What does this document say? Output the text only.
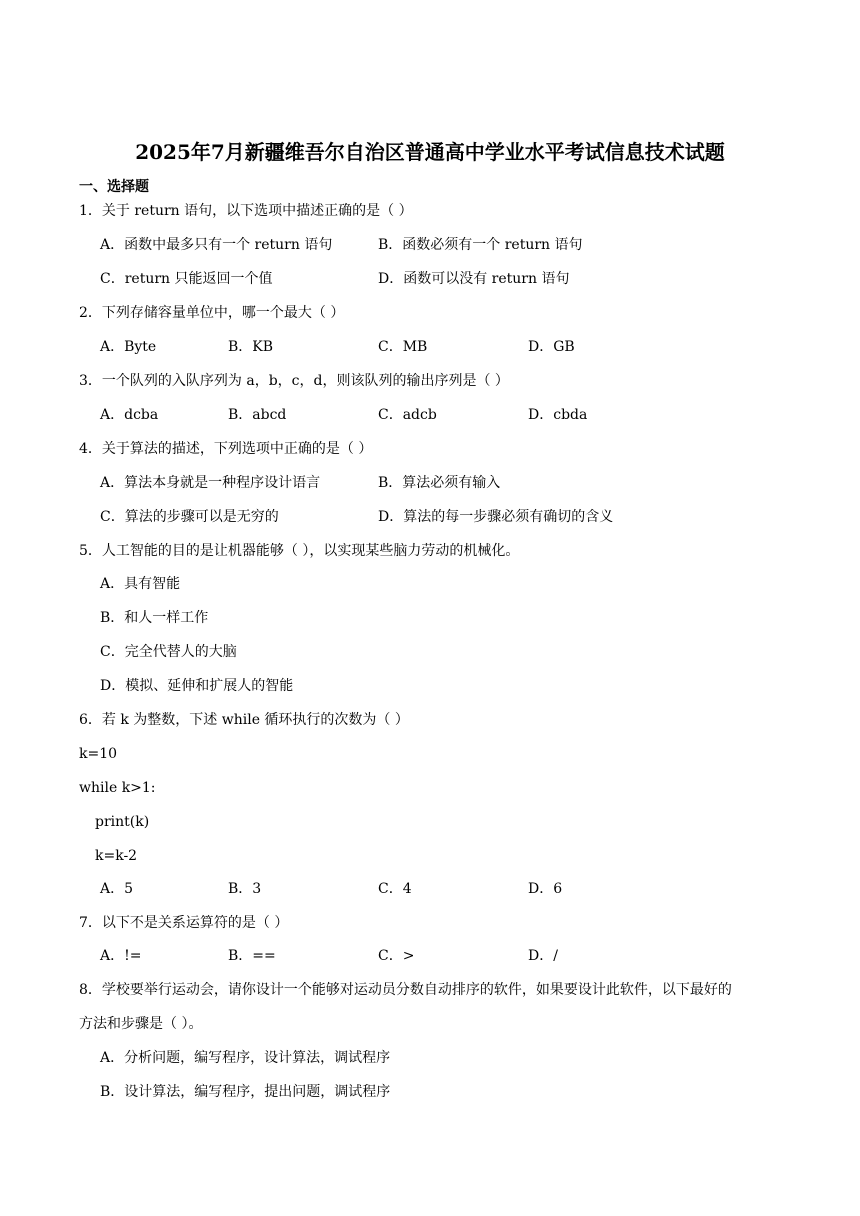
2025年7月新疆维吾尔自治区普通高中学业水平考试信息技术试题
一、选择题
1．关于 return 语句，以下选项中描述正确的是（ ）
A．函数中最多只有一个 return 语句	B．函数必须有一个 return 语句
C．return 只能返回一个值	D．函数可以没有 return 语句
2．下列存储容量单位中，哪一个最大（ ）
A．Byte	B．KB	C．MB	D．GB
3．一个队列的入队序列为 a，b，c，d，则该队列的输出序列是（ ）
A．dcba	B．abcd	C．adcb	D．cbda
4．关于算法的描述，下列选项中正确的是（ ）
A．算法本身就是一种程序设计语言	B．算法必须有输入
C．算法的步骤可以是无穷的	D．算法的每一步骤必须有确切的含义
5．人工智能的目的是让机器能够（ ），以实现某些脑力劳动的机械化。
A．具有智能
B．和人一样工作
C．完全代替人的大脑
D．模拟、延伸和扩展人的智能
6．若 k 为整数，下述 while 循环执行的次数为（ ）
k=10
while k>1:
print(k)
k=k-2
A．5	B．3	C．4	D．6
7．以下不是关系运算符的是（ ）
A．!=	B．==	C．>	D．/
8．学校要举行运动会，请你设计一个能够对运动员分数自动排序的软件，如果要设计此软件，以下最好的
方法和步骤是（ ）。
A．分析问题，编写程序，设计算法，调试程序
B．设计算法，编写程序，提出问题，调试程序
